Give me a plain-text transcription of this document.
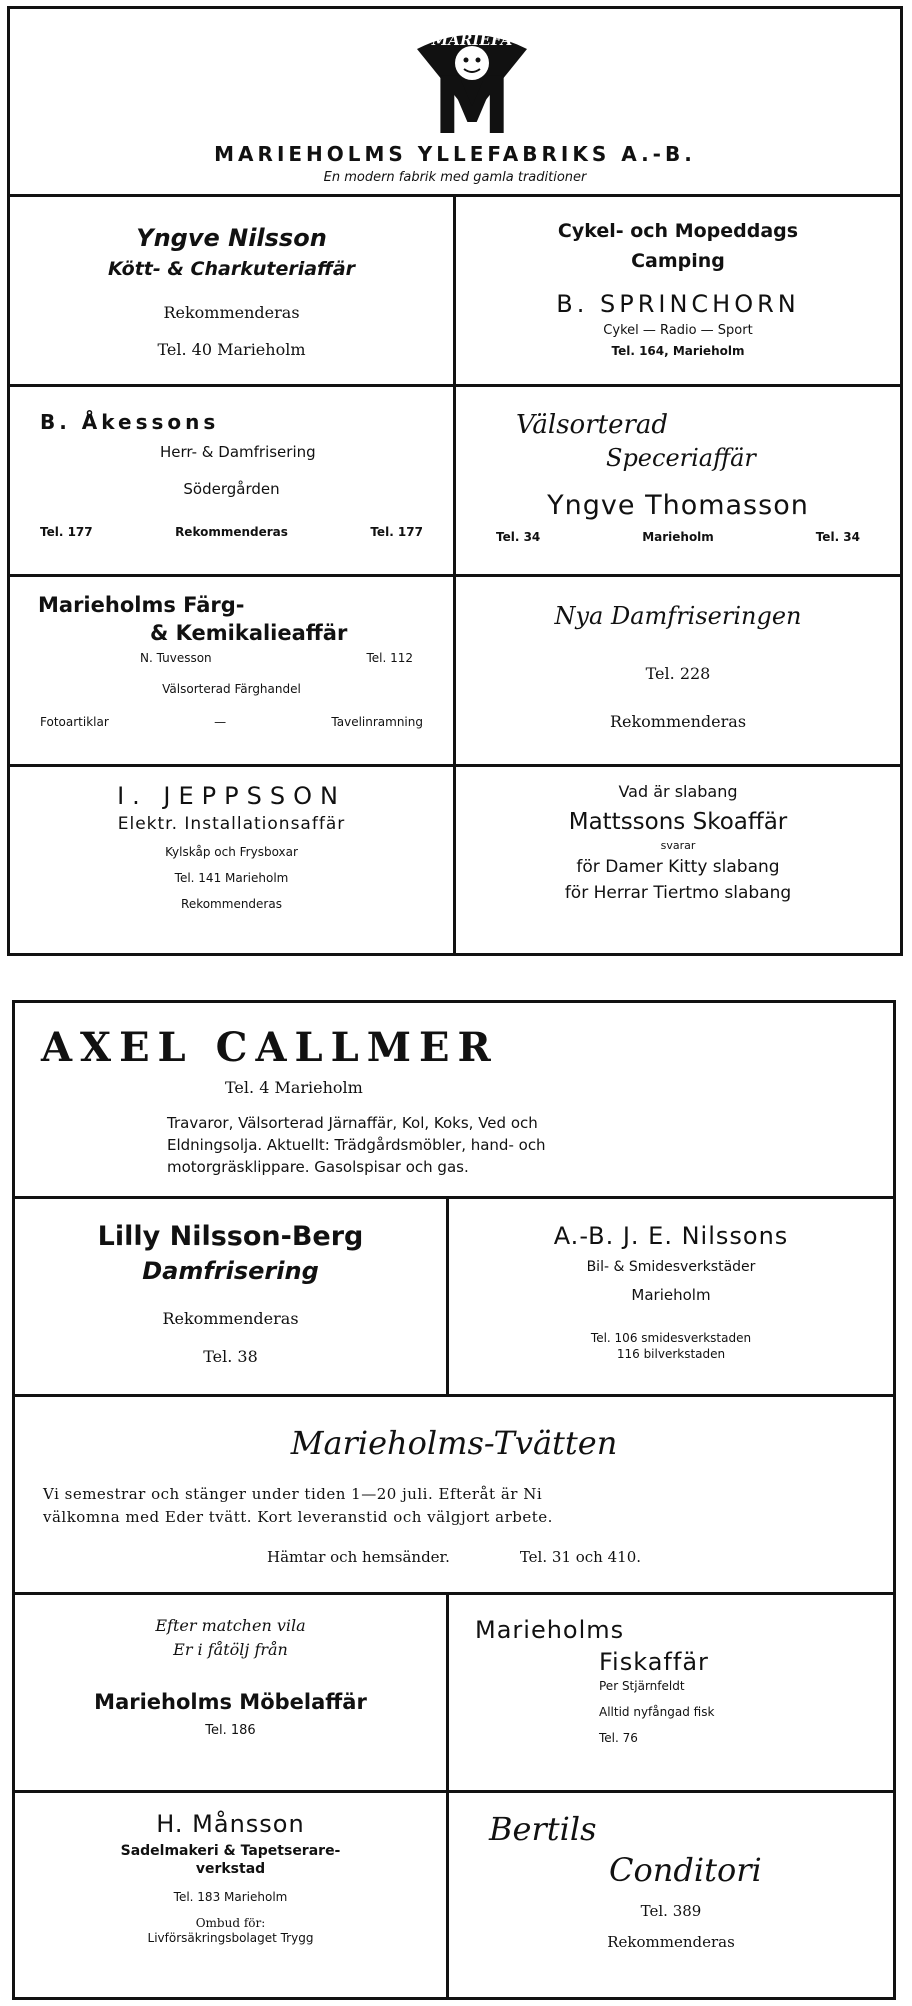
MARIEFA
M

MARIEHOLMS YLLEFABRIKS A.-B.

En modern fabrik med gamla traditioner

Yngve Nilsson

Kött- & Charkuteriaffär

Rekommenderas

Tel. 40 Marieholm

Cykel- och Mopeddags

Camping

B. SPRINCHORN

Cykel — Radio — Sport

Tel. 164, Marieholm

B. Åkessons

Herr- & Damfrisering

Södergården

Tel. 177	Rekommenderas	Tel. 177

Välsorterad

Speceriaffär

Yngve Thomasson

Tel. 34	Marieholm	Tel. 34

Marieholms Färg-

& Kemikalieaffär

N. Tuvesson	Tel. 112

Välsorterad Färghandel

Fotoartiklar	—	Tavelinramning

Nya Damfriseringen

Tel. 228

Rekommenderas

I. JEPPSSON

Elektr. Installationsaffär

Kylskåp och Frysboxar

Tel. 141 Marieholm

Rekommenderas

Vad är slabang

Mattssons Skoaffär

svarar

för Damer Kitty slabang

för Herrar Tiertmo slabang

AXEL CALLMER

Tel. 4 Marieholm

Travaror, Välsorterad Järnaffär, Kol, Koks, Ved och

Eldningsolja. Aktuellt: Trädgårdsmöbler, hand- och

motorgräsklippare. Gasolspisar och gas.

Lilly Nilsson-Berg

Damfrisering

Rekommenderas

Tel. 38

A.-B. J. E. Nilssons

Bil- & Smidesverkstäder

Marieholm

Tel. 106 smidesverkstaden

116 bilverkstaden

Marieholms-Tvätten

Vi semestrar och stänger under tiden 1—20 juli. Efteråt är Ni

välkomna med Eder tvätt. Kort leveranstid och välgjort arbete.

Hämtar och hemsänder.	Tel. 31 och 410.

Efter matchen vila

Er i fåtölj från

Marieholms Möbelaffär

Tel. 186

Marieholms

Fiskaffär

Per Stjärnfeldt

Alltid nyfångad fisk

Tel. 76

H. Månsson

Sadelmakeri & Tapetserare-

verkstad

Tel. 183 Marieholm

Ombud för:

Livförsäkringsbolaget Trygg

Bertils

Conditori

Tel. 389

Rekommenderas
